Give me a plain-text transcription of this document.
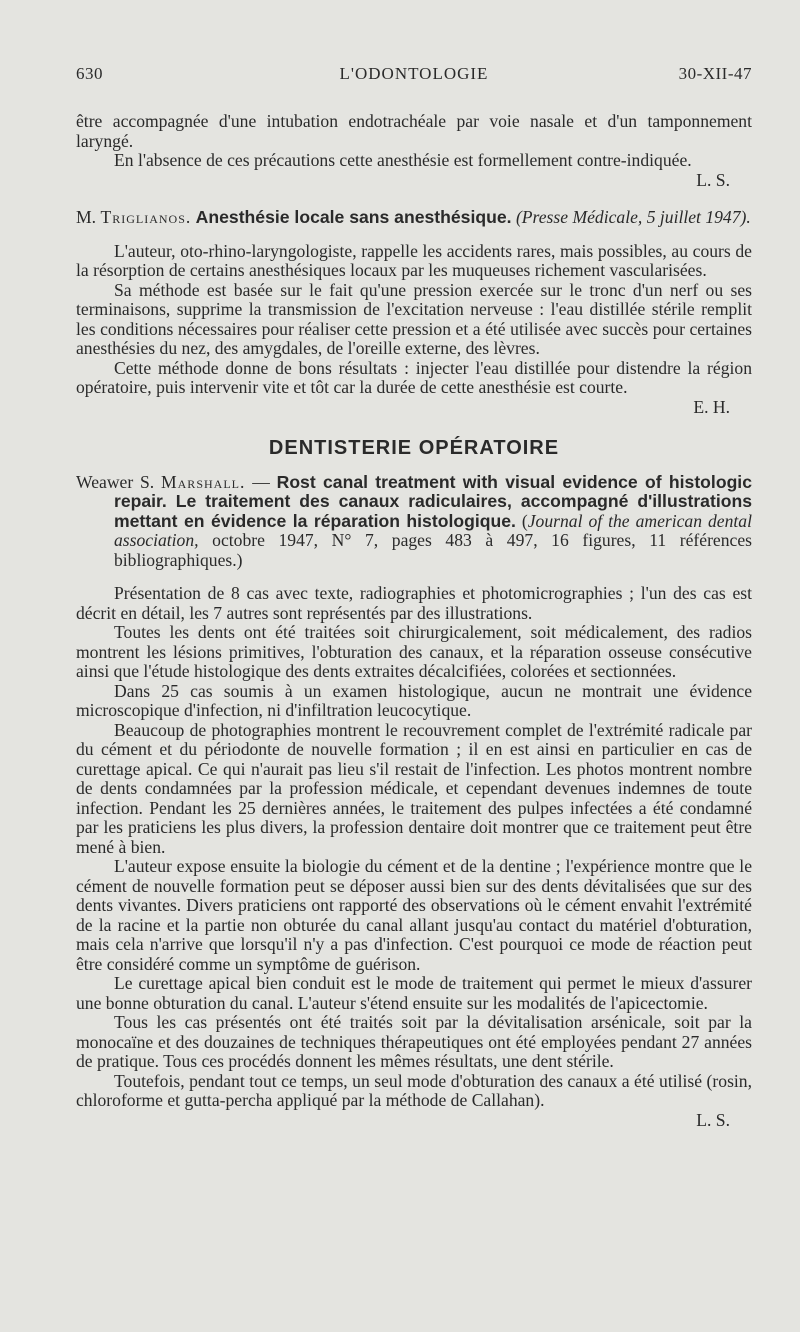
630	L'ODONTOLOGIE	30-XII-47

être accompagnée d'une intubation endotrachéale par voie nasale et d'un tamponnement laryngé.

En l'absence de ces précautions cette anesthésie est formellement contre-indiquée.

L. S.

M. Triglianos. Anesthésie locale sans anesthésique. (Presse Médicale, 5 juillet 1947).

L'auteur, oto-rhino-laryngologiste, rappelle les accidents rares, mais possibles, au cours de la résorption de certains anesthésiques locaux par les muqueuses richement vascularisées.

Sa méthode est basée sur le fait qu'une pression exercée sur le tronc d'un nerf ou ses terminaisons, supprime la transmission de l'excitation nerveuse : l'eau distillée stérile remplit les conditions nécessaires pour réaliser cette pression et a été utilisée avec succès pour certaines anesthésies du nez, des amygdales, de l'oreille externe, des lèvres.

Cette méthode donne de bons résultats : injecter l'eau distillée pour distendre la région opératoire, puis intervenir vite et tôt car la durée de cette anesthésie est courte.

E. H.

DENTISTERIE OPÉRATOIRE

Weawer S. Marshall. — Rost canal treatment with visual evidence of histologic repair. Le traitement des canaux radiculaires, accompagné d'illustrations mettant en évidence la réparation histologique. (Journal of the american dental association, octobre 1947, N° 7, pages 483 à 497, 16 figures, 11 références bibliographiques.)

Présentation de 8 cas avec texte, radiographies et photomicrographies ; l'un des cas est décrit en détail, les 7 autres sont représentés par des illustrations.

Toutes les dents ont été traitées soit chirurgicalement, soit médicalement, des radios montrent les lésions primitives, l'obturation des canaux, et la réparation osseuse consécutive ainsi que l'étude histologique des dents extraites décalcifiées, colorées et sectionnées.

Dans 25 cas soumis à un examen histologique, aucun ne montrait une évidence microscopique d'infection, ni d'infiltration leucocytique.

Beaucoup de photographies montrent le recouvrement complet de l'extrémité radicale par du cément et du périodonte de nouvelle formation ; il en est ainsi en particulier en cas de curettage apical. Ce qui n'aurait pas lieu s'il restait de l'infection. Les photos montrent nombre de dents condamnées par la profession médicale, et cependant devenues indemnes de toute infection. Pendant les 25 dernières années, le traitement des pulpes infectées a été condamné par les praticiens les plus divers, la profession dentaire doit montrer que ce traitement peut être mené à bien.

L'auteur expose ensuite la biologie du cément et de la dentine ; l'expérience montre que le cément de nouvelle formation peut se déposer aussi bien sur des dents dévitalisées que sur des dents vivantes. Divers praticiens ont rapporté des observations où le cément envahit l'extrémité de la racine et la partie non obturée du canal allant jusqu'au contact du matériel d'obturation, mais cela n'arrive que lorsqu'il n'y a pas d'infection. C'est pourquoi ce mode de réaction peut être considéré comme un symptôme de guérison.

Le curettage apical bien conduit est le mode de traitement qui permet le mieux d'assurer une bonne obturation du canal. L'auteur s'étend ensuite sur les modalités de l'apicectomie.

Tous les cas présentés ont été traités soit par la dévitalisation arsénicale, soit par la monocaïne et des douzaines de techniques thérapeutiques ont été employées pendant 27 années de pratique. Tous ces procédés donnent les mêmes résultats, une dent stérile.

Toutefois, pendant tout ce temps, un seul mode d'obturation des canaux a été utilisé (rosin, chloroforme et gutta-percha appliqué par la méthode de Callahan).

L. S.
